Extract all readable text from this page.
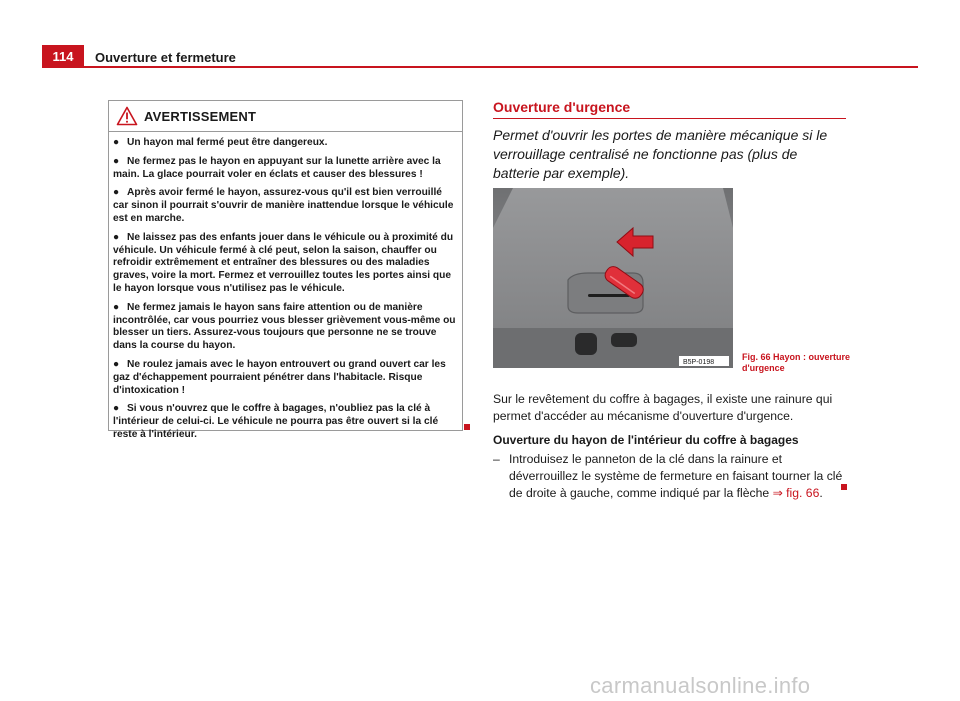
114	Ouverture et fermeture
AVERTISSEMENT
● Un hayon mal fermé peut être dangereux.
● Ne fermez pas le hayon en appuyant sur la lunette arrière avec la main. La glace pourrait voler en éclats et causer des blessures !
● Après avoir fermé le hayon, assurez-vous qu'il est bien verrouillé car sinon il pourrait s'ouvrir de manière inattendue lorsque le véhicule est en marche.
● Ne laissez pas des enfants jouer dans le véhicule ou à proximité du véhicule. Un véhicule fermé à clé peut, selon la saison, chauffer ou refroidir extrêmement et entraîner des blessures ou des maladies graves, voire la mort. Fermez et verrouillez toutes les portes ainsi que le hayon lorsque vous n'utilisez pas le véhicule.
● Ne fermez jamais le hayon sans faire attention ou de manière incontrôlée, car vous pourriez vous blesser grièvement vous-même ou blesser un tiers. Assurez-vous toujours que personne ne se trouve dans la course du hayon.
● Ne roulez jamais avec le hayon entrouvert ou grand ouvert car les gaz d'échappement pourraient pénétrer dans l'habitacle. Risque d'intoxication !
● Si vous n'ouvrez que le coffre à bagages, n'oubliez pas la clé à l'intérieur de celui-ci. Le véhicule ne pourra pas être ouvert si la clé reste à l'intérieur.
Ouverture d'urgence
Permet d'ouvrir les portes de manière mécanique si le verrouillage centralisé ne fonctionne pas (plus de batterie par exemple).
B5P-0198
Fig. 66 Hayon : ouverture d'urgence
Sur le revêtement du coffre à bagages, il existe une rainure qui permet d'accéder au mécanisme d'ouverture d'urgence.
Ouverture du hayon de l'intérieur du coffre à bagages
– Introduisez le panneton de la clé dans la rainure et déverrouillez le système de fermeture en faisant tourner la clé de droite à gauche, comme indiqué par la flèche ⇒ fig. 66.
carmanualsonline.info
